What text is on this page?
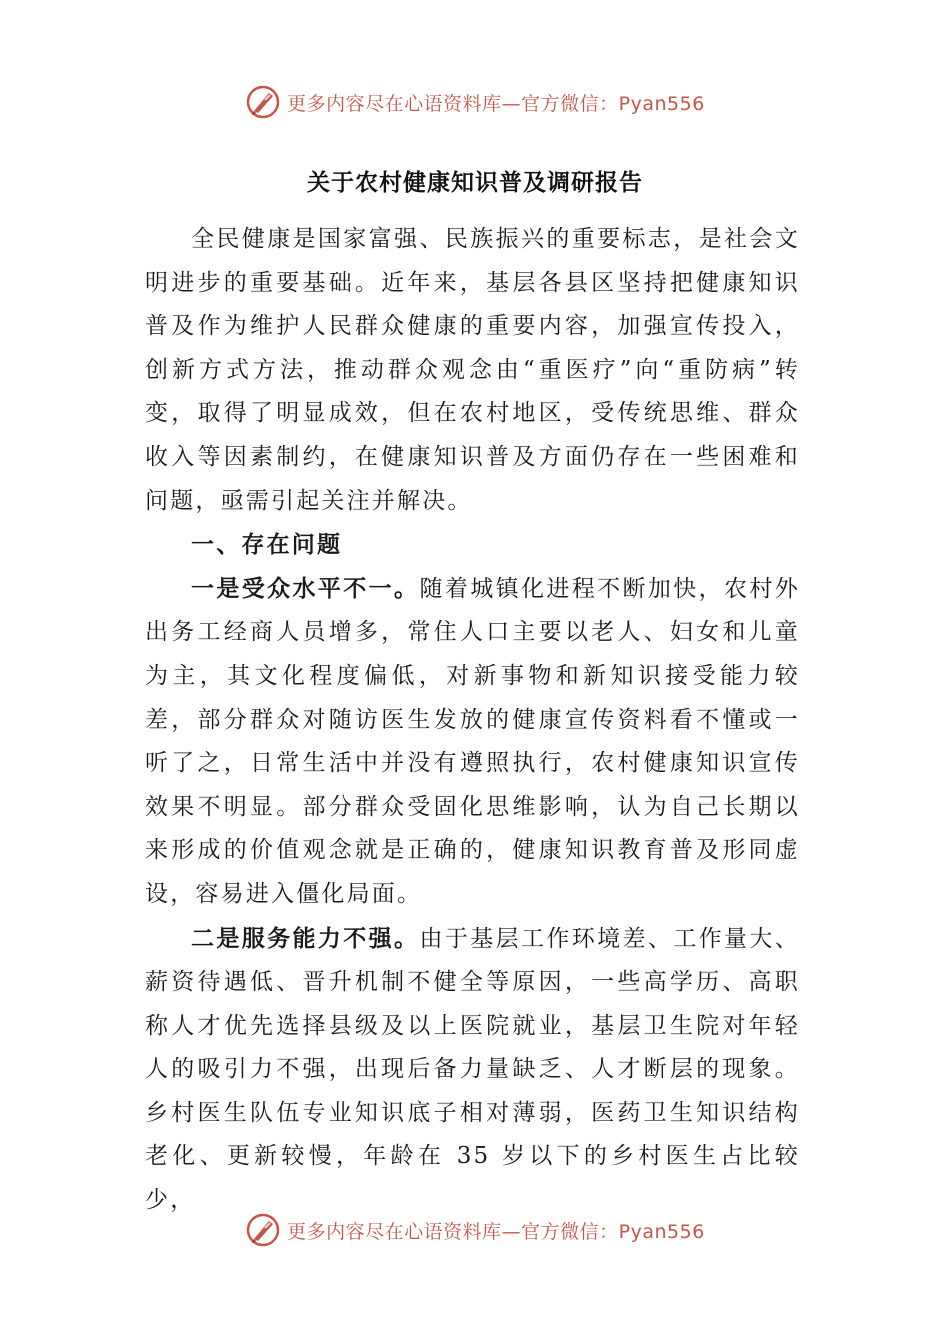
更多内容尽在心语资料库—官方微信：Pyan556
关于农村健康知识普及调研报告

全民健康是国家富强、民族振兴的重要标志，是社会文明进步的重要基础。近年来，基层各县区坚持把健康知识普及作为维护人民群众健康的重要内容，加强宣传投入，创新方式方法，推动群众观念由“重医疗”向“重防病”转变，取得了明显成效，但在农村地区，受传统思维、群众收入等因素制约，在健康知识普及方面仍存在一些困难和问题，亟需引起关注并解决。

一、存在问题

一是受众水平不一。随着城镇化进程不断加快，农村外出务工经商人员增多，常住人口主要以老人、妇女和儿童为主，其文化程度偏低，对新事物和新知识接受能力较差，部分群众对随访医生发放的健康宣传资料看不懂或一听了之，日常生活中并没有遵照执行，农村健康知识宣传效果不明显。部分群众受固化思维影响，认为自己长期以来形成的价值观念就是正确的，健康知识教育普及形同虚设，容易进入僵化局面。

二是服务能力不强。由于基层工作环境差、工作量大、薪资待遇低、晋升机制不健全等原因，一些高学历、高职称人才优先选择县级及以上医院就业，基层卫生院对年轻人的吸引力不强，出现后备力量缺乏、人才断层的现象。乡村医生队伍专业知识底子相对薄弱，医药卫生知识结构老化、更新较慢，年龄在 35 岁以下的乡村医生占比较少，

更多内容尽在心语资料库—官方微信：Pyan556
